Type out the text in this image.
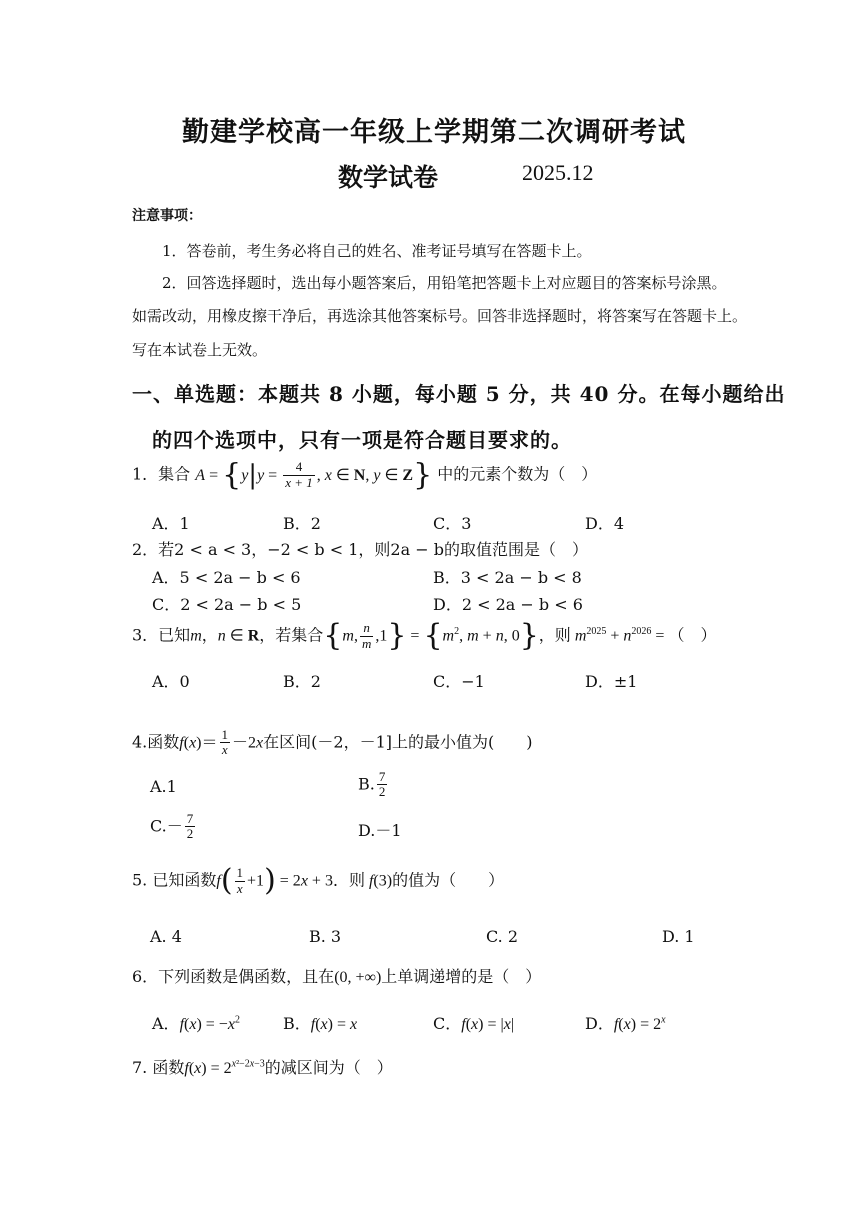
勤建学校高一年级上学期第二次调研考试
数学试卷	2025.12
注意事项：
1．答卷前，考生务必将自己的姓名、准考证号填写在答题卡上。
2．回答选择题时，选出每小题答案后，用铅笔把答题卡上对应题目的答案标号涂黑。
如需改动，用橡皮擦干净后，再选涂其他答案标号。回答非选择题时，将答案写在答题卡上。
写在本试卷上无效。
一、单选题：本题共 8 小题，每小题 5 分，共 40 分。在每小题给出
的四个选项中，只有一项是符合题目要求的。
1．集合 $A = \{y|y = \frac{4}{x + 1}$ , x ∈ N, y ∈ Z} 中的元素个数为（　）
A．1	B．2	C．3	D．4
2．若2 < a < 3，−2 < b < 1，则2a − b的取值范围是（　）
A．5 < 2a − b < 6	B．3 < 2a − b < 8
C．2 < 2a − b < 5	D．2 < 2a − b < 6
3．已知m，n ∈ R，若集合{m, $\frac{n}{m} ,1\} = \{m^2$, m + n, 0}，则 $m^{2025} + n^{2026}$ = （　）
A．0	B．2	C．−1	D．±1
4.函数$f(x)= \frac{1}{x} -2x$在区间(－2，－1]上的最小值为(　　)
A.1	B. $\frac{7}{2}$
$C.- \frac{7}{2}$	D.－1
5. 已知函数$f( \frac{1}{x} +1) = 2x + 3$．则 f(3)的值为（　　）
A. 4	B. 3	C. 2	D. 1
6．下列函数是偶函数，且在(0, +∞)上单调递增的是（　）
A．$f(x) = -x^2$	B．f(x) = x	C．f(x) = |x|	D．$f(x) = 2^x$
7. 函数$f(x) = 2^{x^2-2x-3}$的减区间为（　）
